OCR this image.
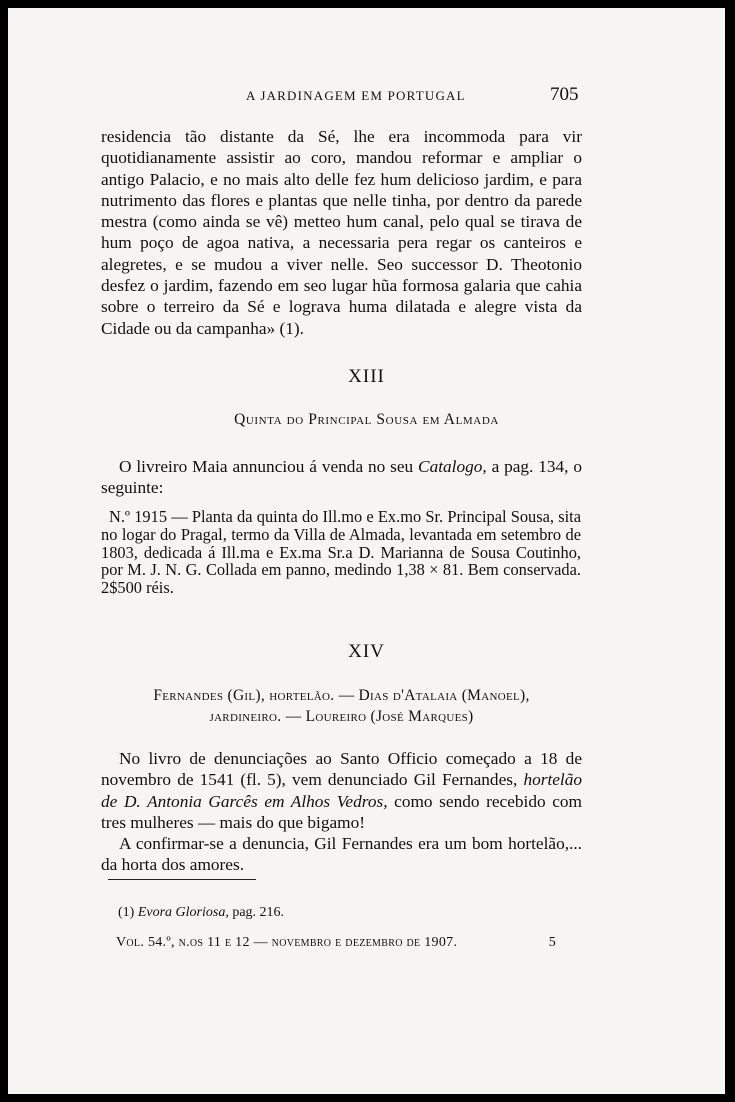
A JARDINAGEM EM PORTUGAL	705

residencia tão distante da Sé, lhe era incommoda para vir quotidianamente assistir ao coro, mandou reformar e ampliar o antigo Palacio, e no mais alto delle fez hum delicioso jardim, e para nutrimento das flores e plantas que nelle tinha, por dentro da parede mestra (como ainda se vê) metteo hum canal, pelo qual se tirava de hum poço de agoa nativa, a necessaria pera regar os canteiros e alegretes, e se mudou a viver nelle. Seo successor D. Theotonio desfez o jardim, fazendo em seo lugar hũa formosa galaria que cahia sobre o terreiro da Sé e lograva huma dilatada e alegre vista da Cidade ou da campanha» (1).

XIII
Quinta do Principal Sousa em Almada

O livreiro Maia annunciou á venda no seu Catalogo, a pag. 134, o seguinte:

N.º 1915 — Planta da quinta do Ill.mo e Ex.mo Sr. Principal Sousa, sita no logar do Pragal, termo da Villa de Almada, levantada em setembro de 1803, dedicada á Ill.ma e Ex.ma Sr.a D. Marianna de Sousa Coutinho, por M. J. N. G. Collada em panno, medindo 1,38 × 81. Bem conservada. 2$500 réis.

XIV
Fernandes (Gil), hortelão. — Dias d'Atalaia (Manoel),
jardineiro. — Loureiro (José Marques)

No livro de denunciações ao Santo Officio começado a 18 de novembro de 1541 (fl. 5), vem denunciado Gil Fernandes, hortelão de D. Antonia Garcês em Alhos Vedros, como sendo recebido com tres mulheres — mais do que bigamo!

A confirmar-se a denuncia, Gil Fernandes era um bom hortelão,... da horta dos amores.

(1) Evora Gloriosa, pag. 216.
Vol. 54.º, n.os 11 e 12 — novembro e dezembro de 1907.	5
